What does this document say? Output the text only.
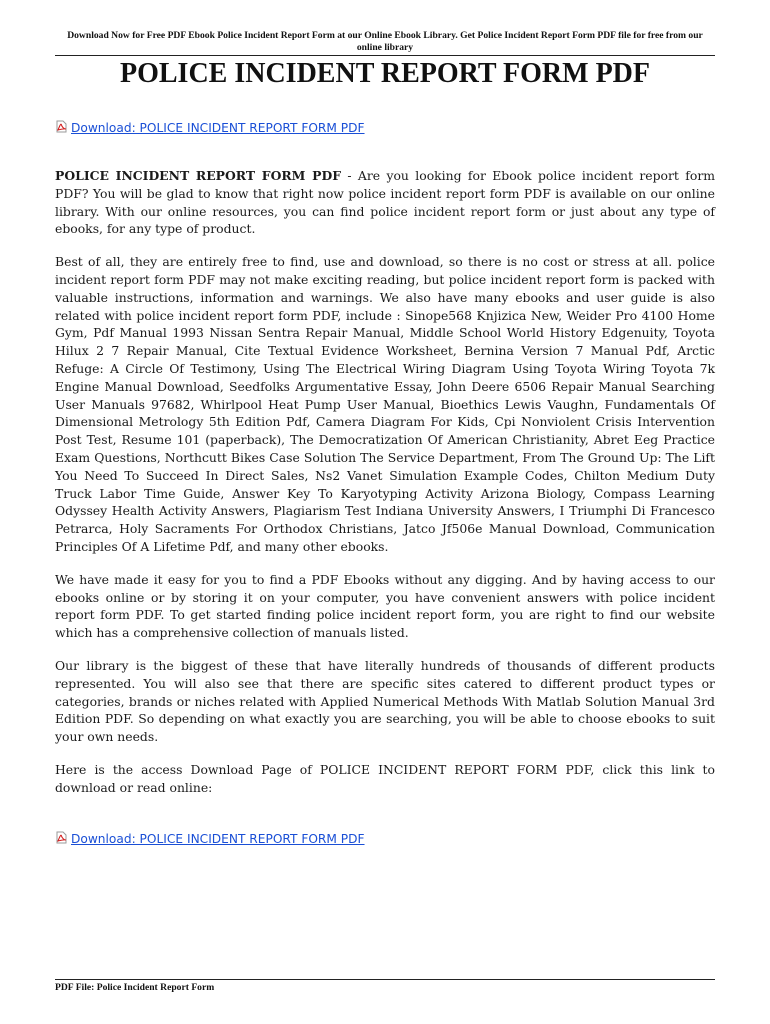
Download Now for Free PDF Ebook Police Incident Report Form at our Online Ebook Library. Get Police Incident Report Form PDF file for free from our online library
POLICE INCIDENT REPORT FORM PDF
Download: POLICE INCIDENT REPORT FORM PDF

POLICE INCIDENT REPORT FORM PDF - Are you looking for Ebook police incident report form PDF? You will be glad to know that right now police incident report form PDF is available on our online library. With our online resources, you can find police incident report form or just about any type of ebooks, for any type of product.

Best of all, they are entirely free to find, use and download, so there is no cost or stress at all. police incident report form PDF may not make exciting reading, but police incident report form is packed with valuable instructions, information and warnings. We also have many ebooks and user guide is also related with police incident report form PDF, include : Sinope568 Knjizica New, Weider Pro 4100 Home Gym, Pdf Manual 1993 Nissan Sentra Repair Manual, Middle School World History Edgenuity, Toyota Hilux 2 7 Repair Manual, Cite Textual Evidence Worksheet, Bernina Version 7 Manual Pdf, Arctic Refuge: A Circle Of Testimony, Using The Electrical Wiring Diagram Using Toyota Wiring Toyota 7k Engine Manual Download, Seedfolks Argumentative Essay, John Deere 6506 Repair Manual Searching User Manuals 97682, Whirlpool Heat Pump User Manual, Bioethics Lewis Vaughn, Fundamentals Of Dimensional Metrology 5th Edition Pdf, Camera Diagram For Kids, Cpi Nonviolent Crisis Intervention Post Test, Resume 101 (paperback), The Democratization Of American Christianity, Abret Eeg Practice Exam Questions, Northcutt Bikes Case Solution The Service Department, From The Ground Up: The Lift You Need To Succeed In Direct Sales, Ns2 Vanet Simulation Example Codes, Chilton Medium Duty Truck Labor Time Guide, Answer Key To Karyotyping Activity Arizona Biology, Compass Learning Odyssey Health Activity Answers, Plagiarism Test Indiana University Answers, I Triumphi Di Francesco Petrarca, Holy Sacraments For Orthodox Christians, Jatco Jf506e Manual Download, Communication Principles Of A Lifetime Pdf, and many other ebooks.

We have made it easy for you to find a PDF Ebooks without any digging. And by having access to our ebooks online or by storing it on your computer, you have convenient answers with police incident report form PDF. To get started finding police incident report form, you are right to find our website which has a comprehensive collection of manuals listed.

Our library is the biggest of these that have literally hundreds of thousands of different products represented. You will also see that there are specific sites catered to different product types or categories, brands or niches related with Applied Numerical Methods With Matlab Solution Manual 3rd Edition PDF. So depending on what exactly you are searching, you will be able to choose ebooks to suit your own needs.

Here is the access Download Page of POLICE INCIDENT REPORT FORM PDF, click this link to download or read online:

Download: POLICE INCIDENT REPORT FORM PDF
PDF File: Police Incident Report Form
